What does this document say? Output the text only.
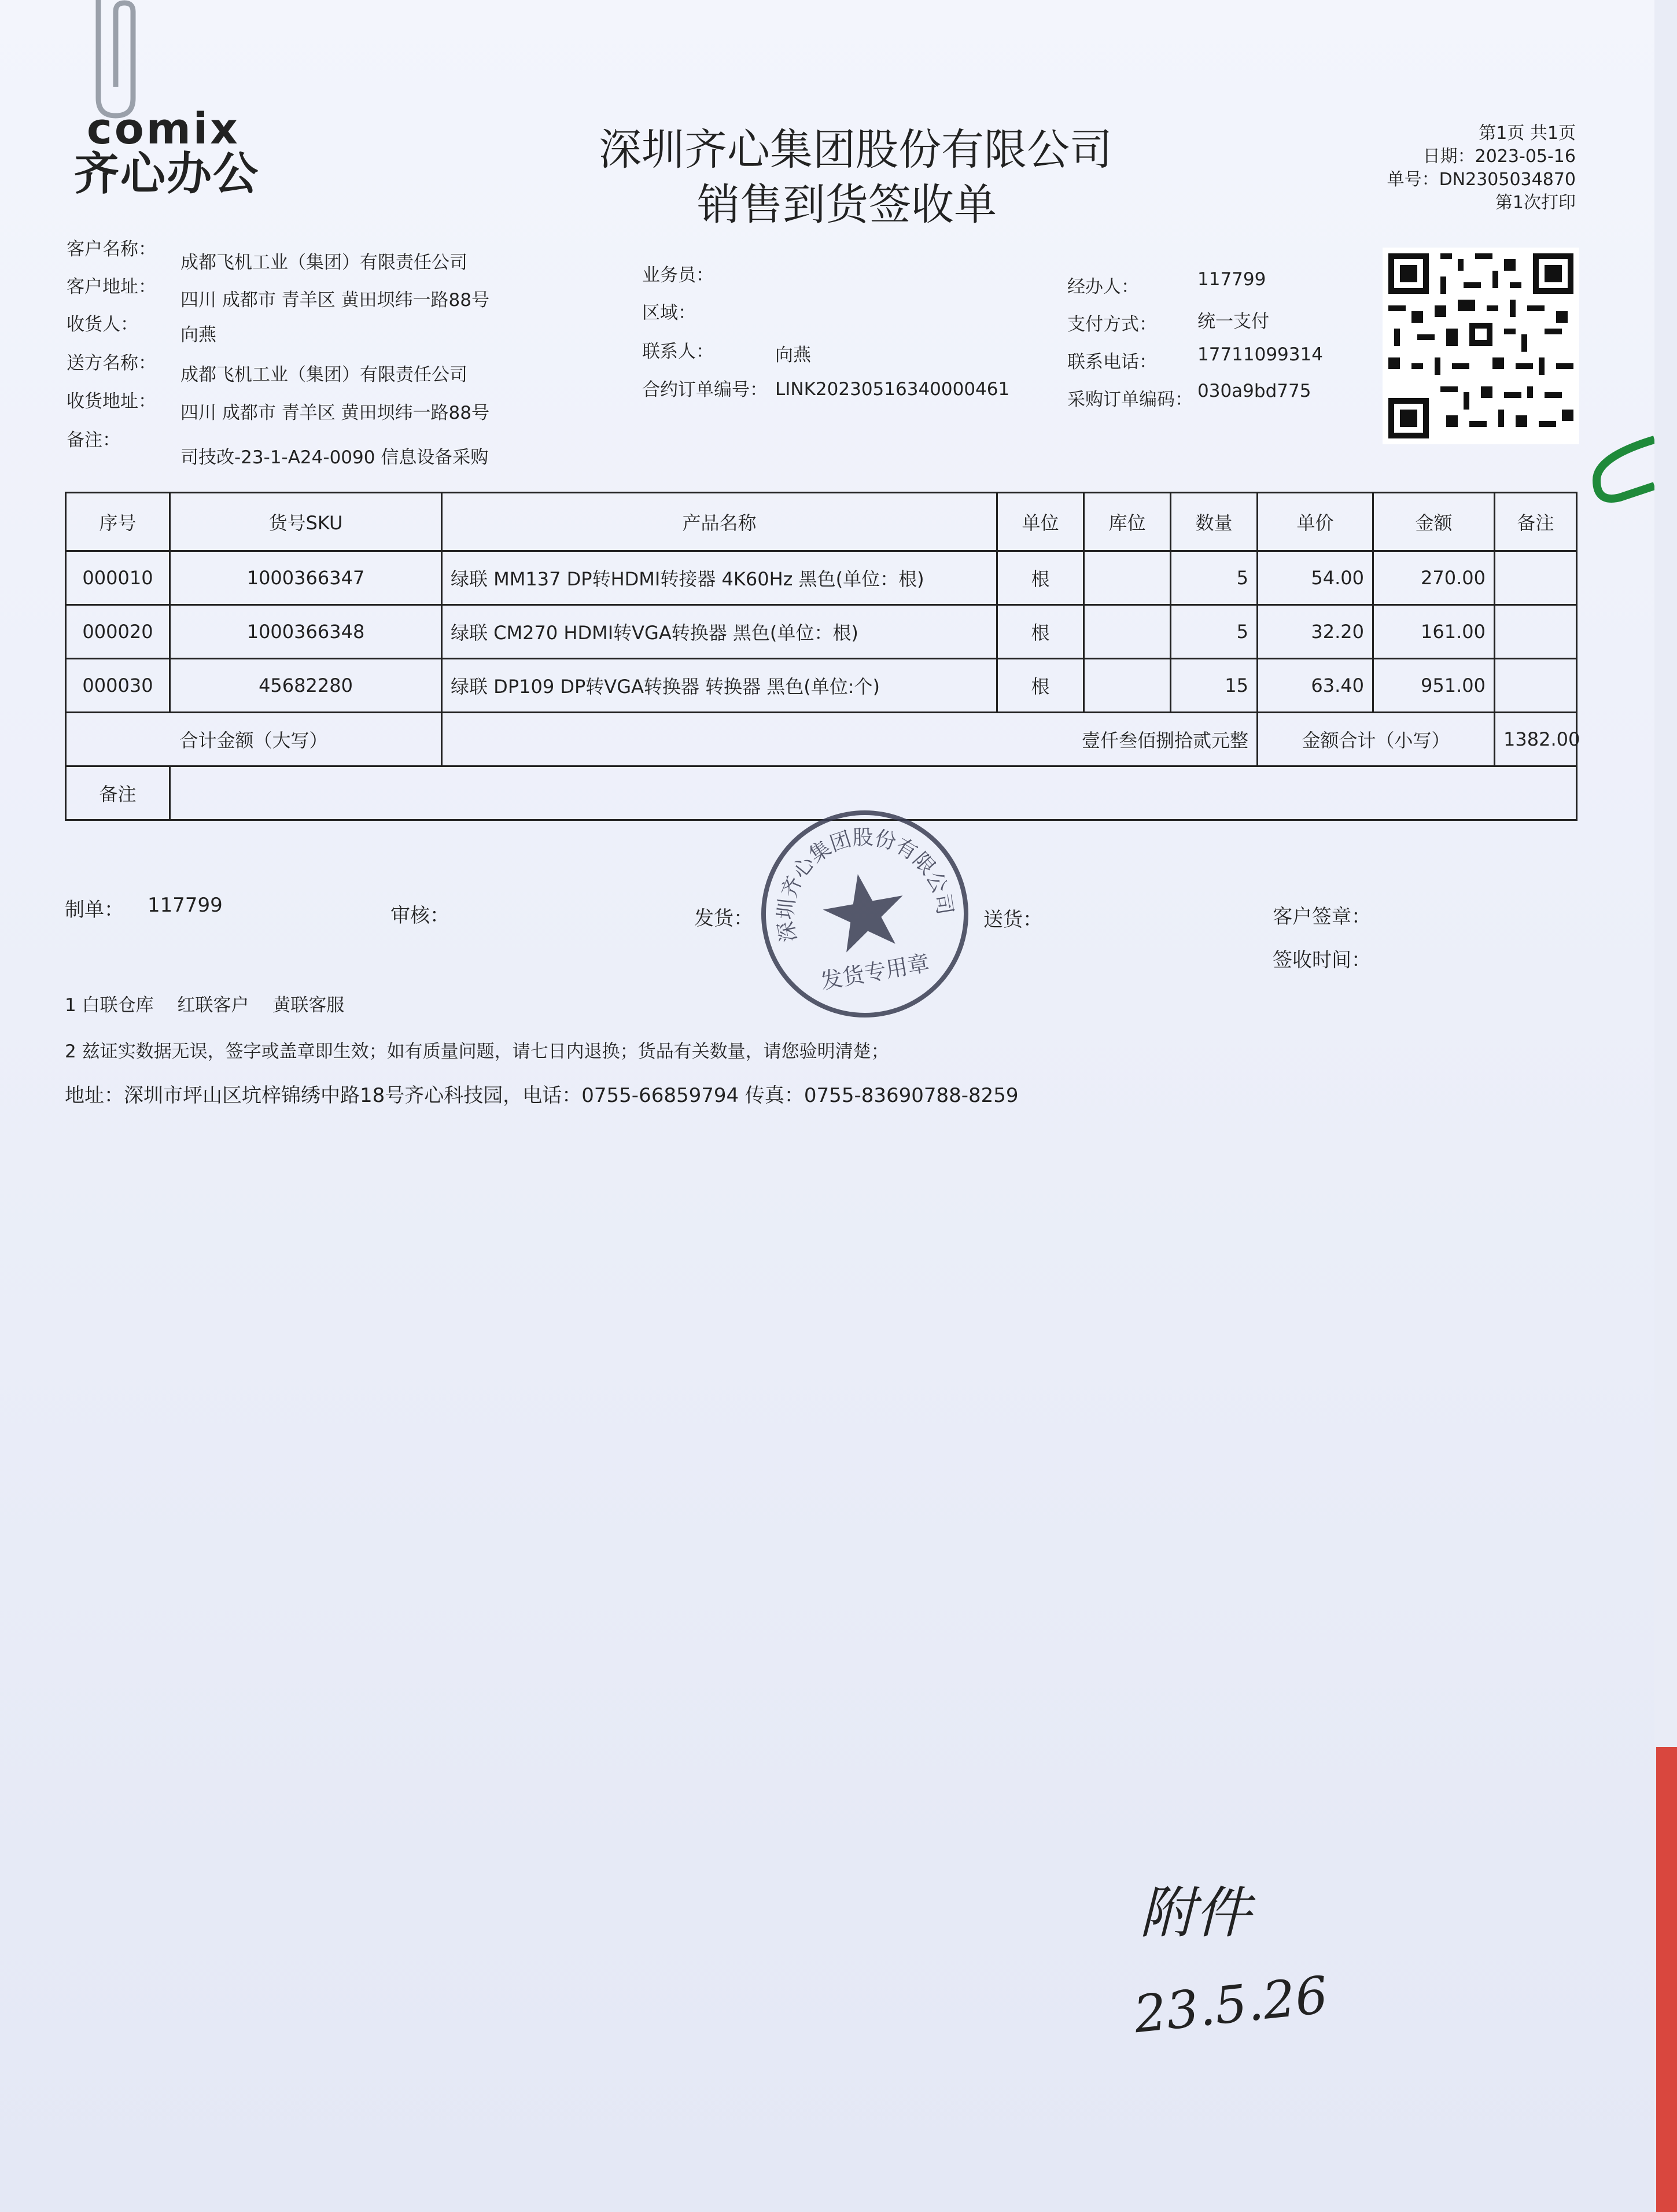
comix
齐心办公	深圳齐心集团股份有限公司
销售到货签收单
第1页 共1页
日期：2023-05-16
单号：DN2305034870
第1次打印
客户名称：
成都飞机工业（集团）有限责任公司
客户地址：
四川 成都市 青羊区 黄田坝纬一路88号
收货人： 向燕
送方名称：
成都飞机工业（集团）有限责任公司
收货地址：
四川 成都市 青羊区 黄田坝纬一路88号
备注：
司技改-23-1-A24-0090 信息设备采购
业务员：
区域：
联系人：	向燕
合约订单编号： LINK20230516340000461
经办人：	117799
支付方式： 统一支付
联系电话： 17711099314
采购订单编码： 030a9bd775
序号	货号SKU	产品名称	单位	库位	数量	单价	金额	备注
000010	1000366347	绿联 MM137 DP转HDMI转接器 4K60Hz 黑色(单位：根)	根		5	54.00	270.00	
000020	1000366348	绿联 CM270 HDMI转VGA转换器 黑色(单位：根)	根		5	32.20	161.00	
000030	45682280	绿联 DP109 DP转VGA转换器 转换器 黑色(单位:个)	根		15	63.40	951.00	
合计金额（大写）		壹仟叁佰捌拾贰元整				金额合计（小写）		1382.00
备注								
深圳齐心集团股份有限公司
发货专用章
制单： 117799	审核：	发货：	送货：	客户签章：
签收时间：
1 白联仓库　 红联客户　 黄联客服
2 兹证实数据无误，签字或盖章即生效；如有质量问题，请七日内退换；货品有关数量，请您验明清楚；
地址：深圳市坪山区坑梓锦绣中路18号齐心科技园，电话：0755-66859794 传真：0755-83690788-8259
附件
23.5.26
